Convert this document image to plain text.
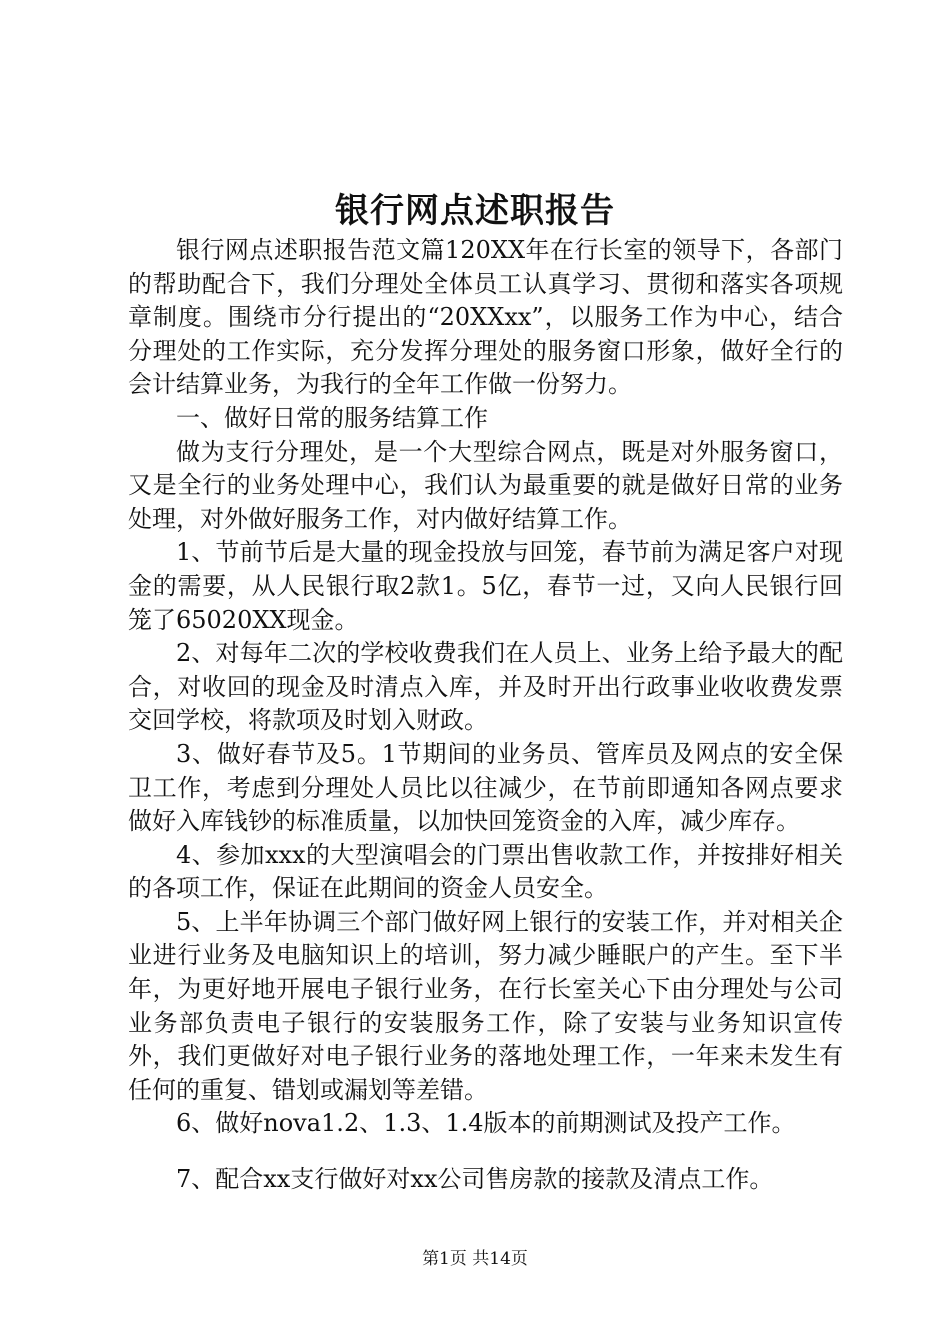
银行网点述职报告

银行网点述职报告范文篇120XX年在行长室的领导下，各部门的帮助配合下，我们分理处全体员工认真学习、贯彻和落实各项规章制度。围绕市分行提出的“20XXxx”，以服务工作为中心，结合分理处的工作实际，充分发挥分理处的服务窗口形象，做好全行的会计结算业务，为我行的全年工作做一份努力。

一、做好日常的服务结算工作

做为支行分理处，是一个大型综合网点，既是对外服务窗口，又是全行的业务处理中心，我们认为最重要的就是做好日常的业务处理，对外做好服务工作，对内做好结算工作。

1、节前节后是大量的现金投放与回笼，春节前为满足客户对现金的需要，从人民银行取2款1。5亿，春节一过，又向人民银行回笼了65020XX现金。

2、对每年二次的学校收费我们在人员上、业务上给予最大的配合，对收回的现金及时清点入库，并及时开出行政事业收收费发票交回学校，将款项及时划入财政。

3、做好春节及5。1节期间的业务员、管库员及网点的安全保卫工作，考虑到分理处人员比以往减少，在节前即通知各网点要求做好入库钱钞的标准质量，以加快回笼资金的入库，减少库存。

4、参加xxx的大型演唱会的门票出售收款工作，并按排好相关的各项工作，保证在此期间的资金人员安全。

5、上半年协调三个部门做好网上银行的安装工作，并对相关企业进行业务及电脑知识上的培训，努力减少睡眠户的产生。至下半年，为更好地开展电子银行业务，在行长室关心下由分理处与公司业务部负责电子银行的安装服务工作，除了安装与业务知识宣传外，我们更做好对电子银行业务的落地处理工作，一年来未发生有任何的重复、错划或漏划等差错。

6、做好nova1.2、1.3、1.4版本的前期测试及投产工作。

7、配合xx支行做好对xx公司售房款的接款及清点工作。

第1页 共14页
